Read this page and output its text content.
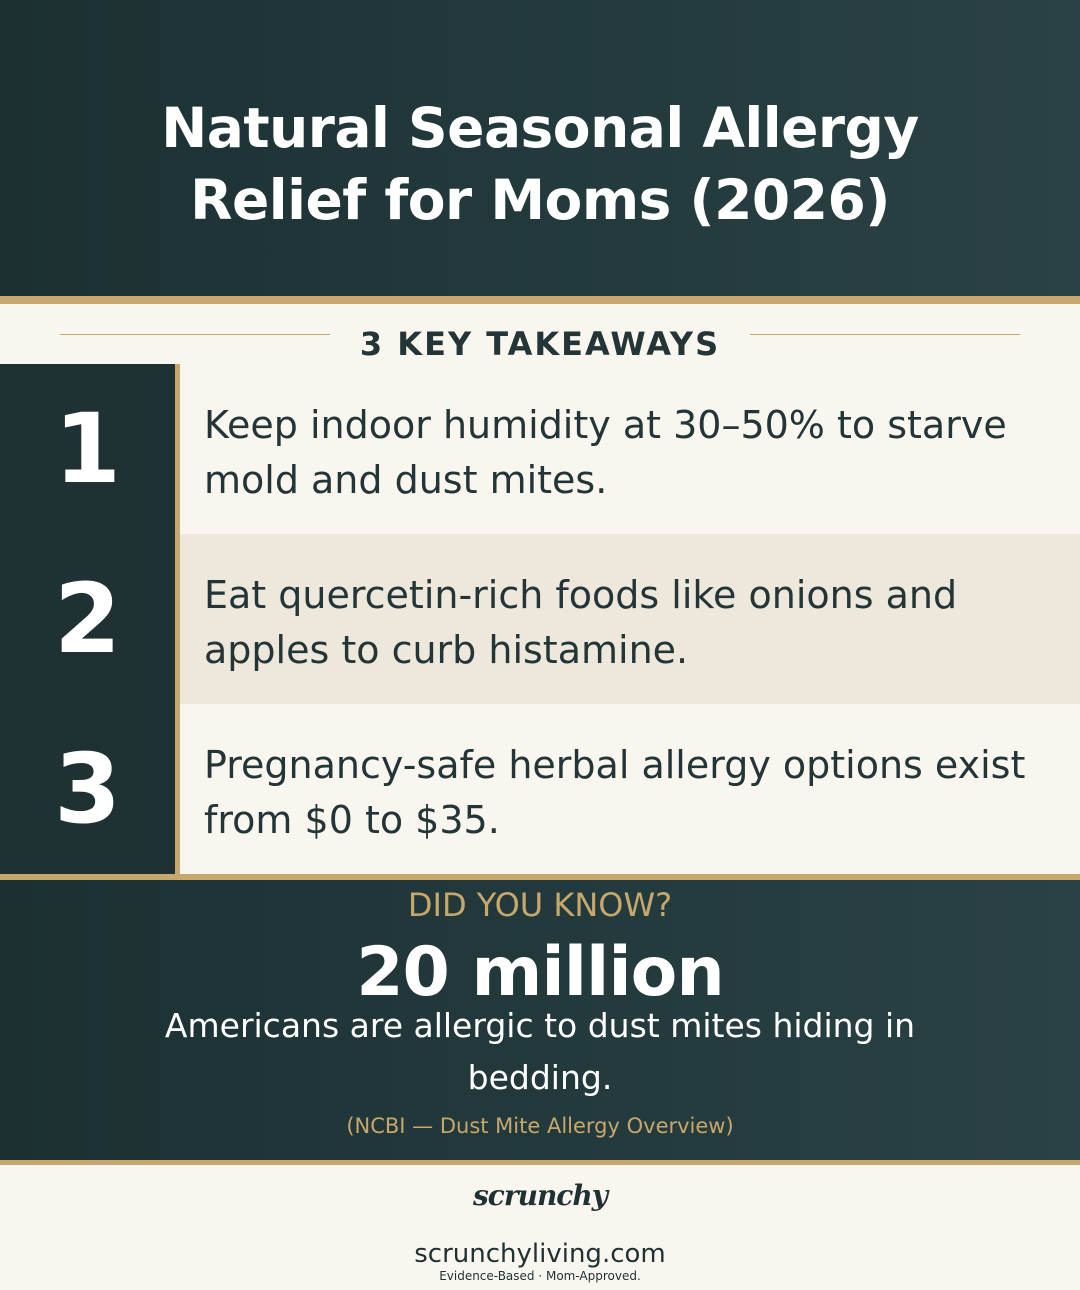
Natural Seasonal Allergy
Relief for Moms (2026)
3 KEY TAKEAWAYS
Keep indoor humidity at 30–50% to starve mold and dust mites.
1
Eat quercetin-rich foods like onions and apples to curb histamine.
2
Pregnancy-safe herbal allergy options exist from $0 to $35.
3
DID YOU KNOW?
20 million
Americans are allergic to dust mites hiding in bedding.
(NCBI — Dust Mite Allergy Overview)
scrunchy
scrunchyliving.com
Evidence-Based · Mom-Approved.
